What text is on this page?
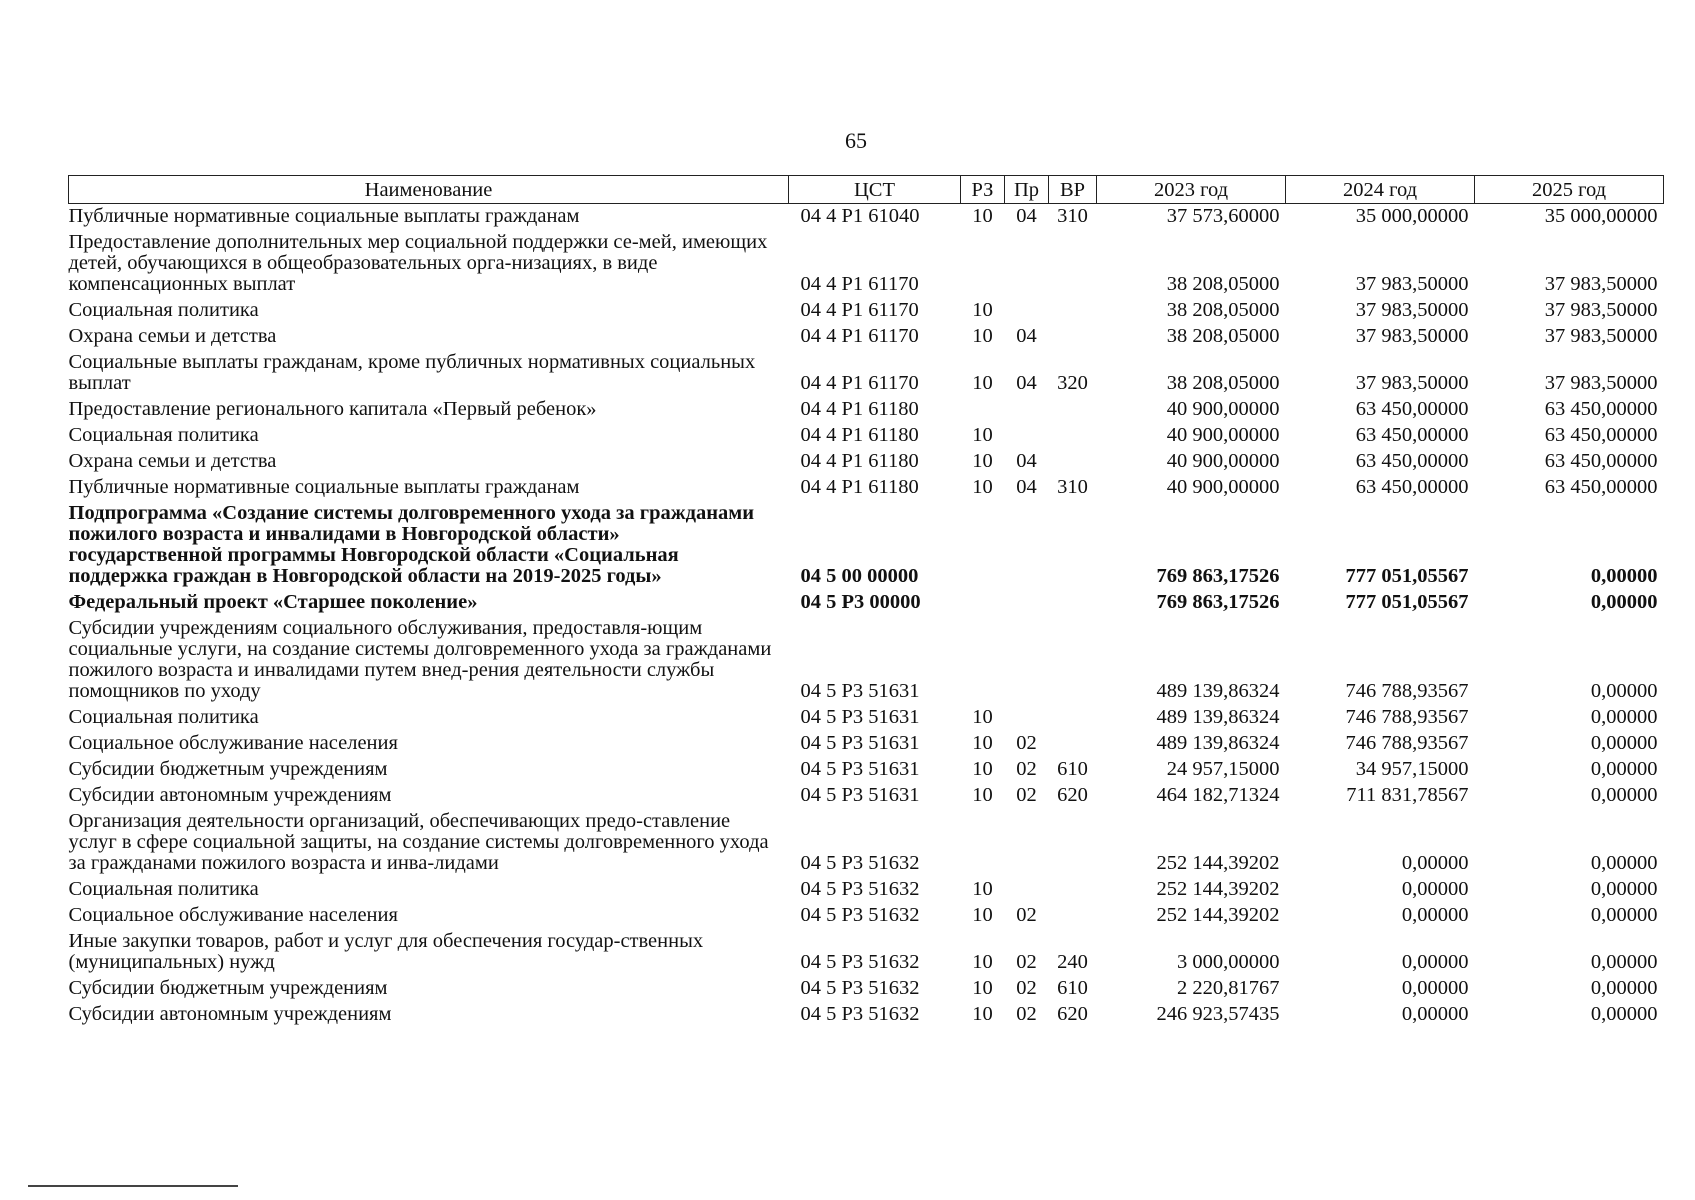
65
Наименование	ЦСТ	РЗ	Пр	ВР	2023 год	2024 год	2025 год
Публичные нормативные социальные выплаты гражданам	04 4 Р1 61040	10	04	310	37 573,60000	35 000,00000	35 000,00000
Предоставление дополнительных мер социальной поддержки се-мей, имеющих детей, обучающихся в общеобразовательных орга-низациях, в виде компенсационных выплат	04 4 Р1 61170				38 208,05000	37 983,50000	37 983,50000
Социальная политика	04 4 Р1 61170	10			38 208,05000	37 983,50000	37 983,50000
Охрана семьи и детства	04 4 Р1 61170	10	04		38 208,05000	37 983,50000	37 983,50000
Социальные выплаты гражданам, кроме публичных нормативных социальных выплат	04 4 Р1 61170	10	04	320	38 208,05000	37 983,50000	37 983,50000
Предоставление регионального капитала «Первый ребенок»	04 4 Р1 61180				40 900,00000	63 450,00000	63 450,00000
Социальная политика	04 4 Р1 61180	10			40 900,00000	63 450,00000	63 450,00000
Охрана семьи и детства	04 4 Р1 61180	10	04		40 900,00000	63 450,00000	63 450,00000
Публичные нормативные социальные выплаты гражданам	04 4 Р1 61180	10	04	310	40 900,00000	63 450,00000	63 450,00000
Подпрограмма «Создание системы долговременного ухода за гражданами пожилого возраста и инвалидами в Новгородской области» государственной программы Новгородской области «Социальная поддержка граждан в Новгородской области на 2019-2025 годы»	04 5 00 00000				769 863,17526	777 051,05567	0,00000
Федеральный проект «Старшее поколение»	04 5 Р3 00000				769 863,17526	777 051,05567	0,00000
Субсидии учреждениям социального обслуживания, предоставля-ющим социальные услуги, на создание системы долговременного ухода за гражданами пожилого возраста и инвалидами путем внед-рения деятельности службы помощников по уходу	04 5 Р3 51631				489 139,86324	746 788,93567	0,00000
Социальная политика	04 5 Р3 51631	10			489 139,86324	746 788,93567	0,00000
Социальное обслуживание населения	04 5 Р3 51631	10	02		489 139,86324	746 788,93567	0,00000
Субсидии бюджетным учреждениям	04 5 Р3 51631	10	02	610	24 957,15000	34 957,15000	0,00000
Субсидии автономным учреждениям	04 5 Р3 51631	10	02	620	464 182,71324	711 831,78567	0,00000
Организация деятельности организаций, обеспечивающих предо-ставление услуг в сфере социальной защиты, на создание системы долговременного ухода за гражданами пожилого возраста и инва-лидами	04 5 Р3 51632				252 144,39202	0,00000	0,00000
Социальная политика	04 5 Р3 51632	10			252 144,39202	0,00000	0,00000
Социальное обслуживание населения	04 5 Р3 51632	10	02		252 144,39202	0,00000	0,00000
Иные закупки товаров, работ и услуг для обеспечения государ-ственных (муниципальных) нужд	04 5 Р3 51632	10	02	240	3 000,00000	0,00000	0,00000
Субсидии бюджетным учреждениям	04 5 Р3 51632	10	02	610	2 220,81767	0,00000	0,00000
Субсидии автономным учреждениям	04 5 Р3 51632	10	02	620	246 923,57435	0,00000	0,00000
